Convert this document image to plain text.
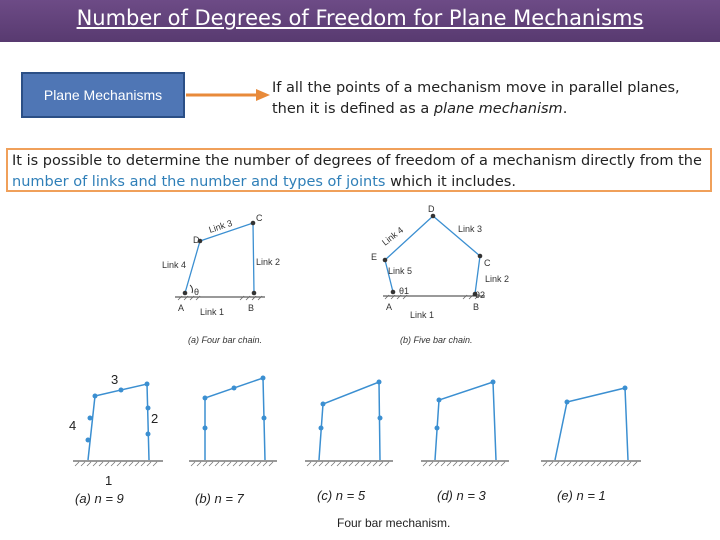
Number of Degrees of Freedom for Plane Mechanisms
Plane Mechanisms	If all the points of a mechanism move in parallel planes,
then it is defined as a plane mechanism.
It is possible to determine the number of degrees of freedom of a mechanism directly from the
number of links and the number and types of joints which it includes.
A	B
C
D
Link 1
Link 2
Link 3
Link 4
θ
(a) Four bar chain.
A	B
C
D
E
Link 1
Link 2
Link 3
Link 4
Link 5
θ1	θ2
(b) Five bar chain.
3
2
4
1
(a) n = 9	(b) n = 7	(c) n = 5	(d) n = 3	(e) n = 1
Four bar mechanism.
